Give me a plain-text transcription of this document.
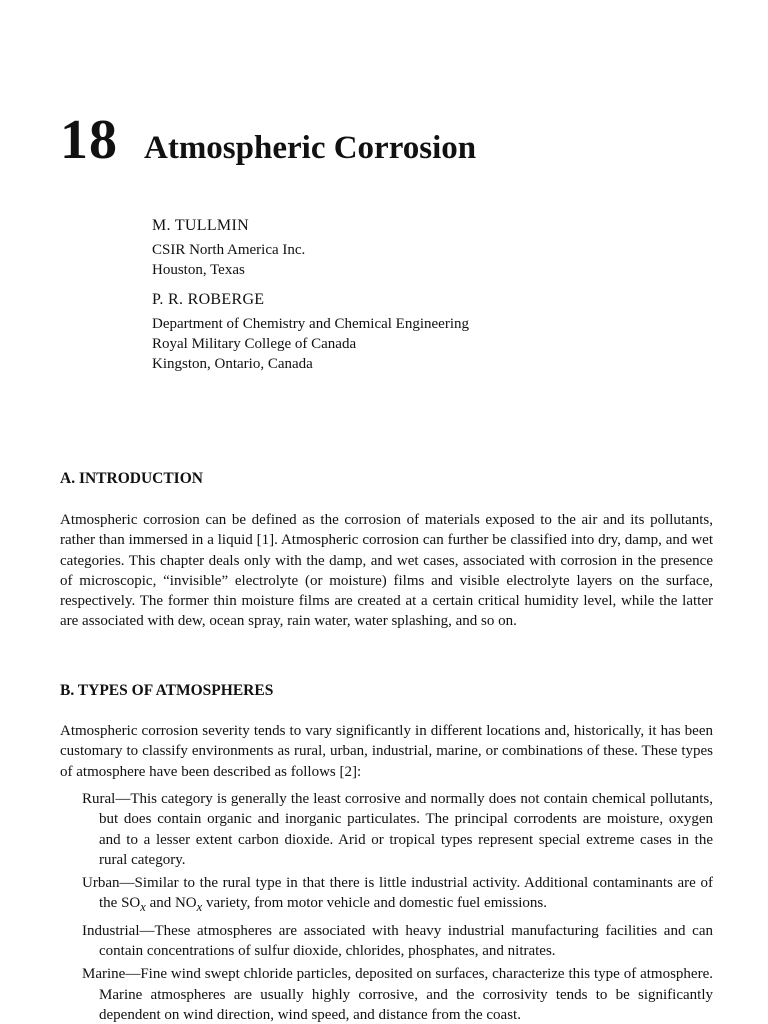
18 Atmospheric Corrosion

M. TULLMIN

CSIR North America Inc.

Houston, Texas

P. R. ROBERGE

Department of Chemistry and Chemical Engineering

Royal Military College of Canada

Kingston, Ontario, Canada

A. INTRODUCTION

Atmospheric corrosion can be defined as the corrosion of materials exposed to the air and its pollutants, rather than immersed in a liquid [1]. Atmospheric corrosion can further be classified into dry, damp, and wet categories. This chapter deals only with the damp, and wet cases, associated with corrosion in the presence of microscopic, “invisible” electrolyte (or moisture) films and visible electrolyte layers on the surface, respectively. The former thin moisture films are created at a certain critical humidity level, while the latter are associated with dew, ocean spray, rain water, water splashing, and so on.

B. TYPES OF ATMOSPHERES

Atmospheric corrosion severity tends to vary significantly in different locations and, historically, it has been customary to classify environments as rural, urban, industrial, marine, or combinations of these. These types of atmosphere have been described as follows [2]:

Rural—This category is generally the least corrosive and normally does not contain chemical pollutants, but does contain organic and inorganic particulates. The principal corrodents are moisture, oxygen and to a lesser extent carbon dioxide. Arid or tropical types represent special extreme cases in the rural category.
Urban—Similar to the rural type in that there is little industrial activity. Additional contaminants are of the $SO_x$ and $NO_x$ variety, from motor vehicle and domestic fuel emissions.
Industrial—These atmospheres are associated with heavy industrial manufacturing facilities and can contain concentrations of sulfur dioxide, chlorides, phosphates, and nitrates.
Marine—Fine wind swept chloride particles, deposited on surfaces, characterize this type of atmosphere. Marine atmospheres are usually highly corrosive, and the corrosivity tends to be significantly dependent on wind direction, wind speed, and distance from the coast.
